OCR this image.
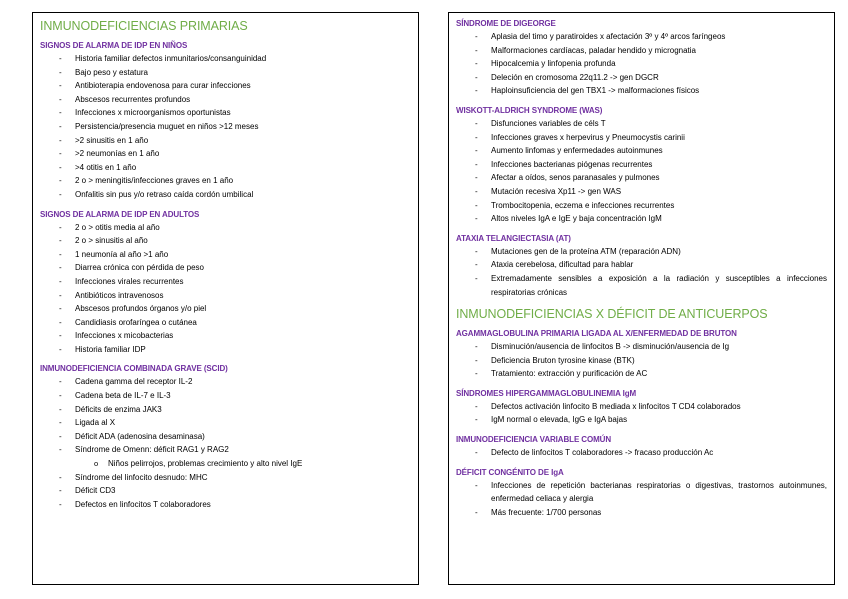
INMUNODEFICIENCIAS PRIMARIAS
SIGNOS DE ALARMA DE IDP EN NIÑOS
- Historia familiar defectos inmunitarios/consanguinidad
- Bajo peso y estatura
- Antibioterapia endovenosa para curar infecciones
- Abscesos recurrentes profundos
- Infecciones x microorganismos oportunistas
- Persistencia/presencia muguet en niños >12 meses
- >2 sinusitis en 1 año
- >2 neumonías en 1 año
- >4 otitis en 1 año
- 2 o > meningitis/infecciones graves en 1 año
- Onfalitis sin pus y/o retraso caída cordón umbilical
SIGNOS DE ALARMA DE IDP EN ADULTOS
- 2 o > otitis media al año
- 2 o > sinusitis al año
- 1 neumonía al año >1 año
- Diarrea crónica con pérdida de peso
- Infecciones virales recurrentes
- Antibióticos intravenosos
- Abscesos profundos órganos y/o piel
- Candidiasis orofaríngea o cutánea
- Infecciones x micobacterias
- Historia familiar IDP
INMUNODEFICIENCIA COMBINADA GRAVE (SCID)
- Cadena gamma del receptor IL-2
- Cadena beta de IL-7 e IL-3
- Déficits de enzima JAK3
- Ligada al X
- Déficit ADA (adenosina desaminasa)
- Síndrome de Omenn: déficit RAG1 y RAG2
o Niños pelirrojos, problemas crecimiento y alto nivel IgE
- Síndrome del linfocito desnudo: MHC
- Déficit CD3
- Defectos en linfocitos T colaboradores
SÍNDROME DE DIGEORGE
- Aplasia del timo y paratiroides x afectación 3º y 4º arcos faríngeos
- Malformaciones cardíacas, paladar hendido y micrognatia
- Hipocalcemia y linfopenia profunda
- Deleción en cromosoma 22q11.2 -> gen DGCR
- Haploinsuficiencia del gen TBX1 -> malformaciones físicos
WISKOTT-ALDRICH SYNDROME (WAS)
- Disfunciones variables de céls T
- Infecciones graves x herpevirus y Pneumocystis carinii
- Aumento linfomas y enfermedades autoinmunes
- Infecciones bacterianas piógenas recurrentes
- Afectar a oídos, senos paranasales y pulmones
- Mutación recesiva Xp11 -> gen WAS
- Trombocitopenia, eczema e infecciones recurrentes
- Altos niveles IgA e IgE y baja concentración IgM
ATAXIA TELANGIECTASIA (AT)
- Mutaciones gen de la proteína ATM (reparación ADN)
- Ataxia cerebelosa, dificultad para hablar
- Extremadamente sensibles a exposición a la radiación y susceptibles a infecciones respiratorias crónicas
INMUNODEFICIENCIAS X DÉFICIT DE ANTICUERPOS
AGAMMAGLOBULINA PRIMARIA LIGADA AL X/ENFERMEDAD DE BRUTON
- Disminución/ausencia de linfocitos B -> disminución/ausencia de Ig
- Deficiencia Bruton tyrosine kinase (BTK)
- Tratamiento: extracción y purificación de AC
SÍNDROMES HIPERGAMMAGLOBULINEMIA IgM
- Defectos activación linfocito B mediada x linfocitos T CD4 colaborados
- IgM normal o elevada, IgG e IgA bajas
INMUNODEFICIENCIA VARIABLE COMÚN
- Defecto de linfocitos T colaboradores -> fracaso producción Ac
DÉFICIT CONGÉNITO DE IgA
- Infecciones de repetición bacterianas respiratorias o digestivas, trastornos autoinmunes, enfermedad celiaca y alergia
- Más frecuente: 1/700 personas
